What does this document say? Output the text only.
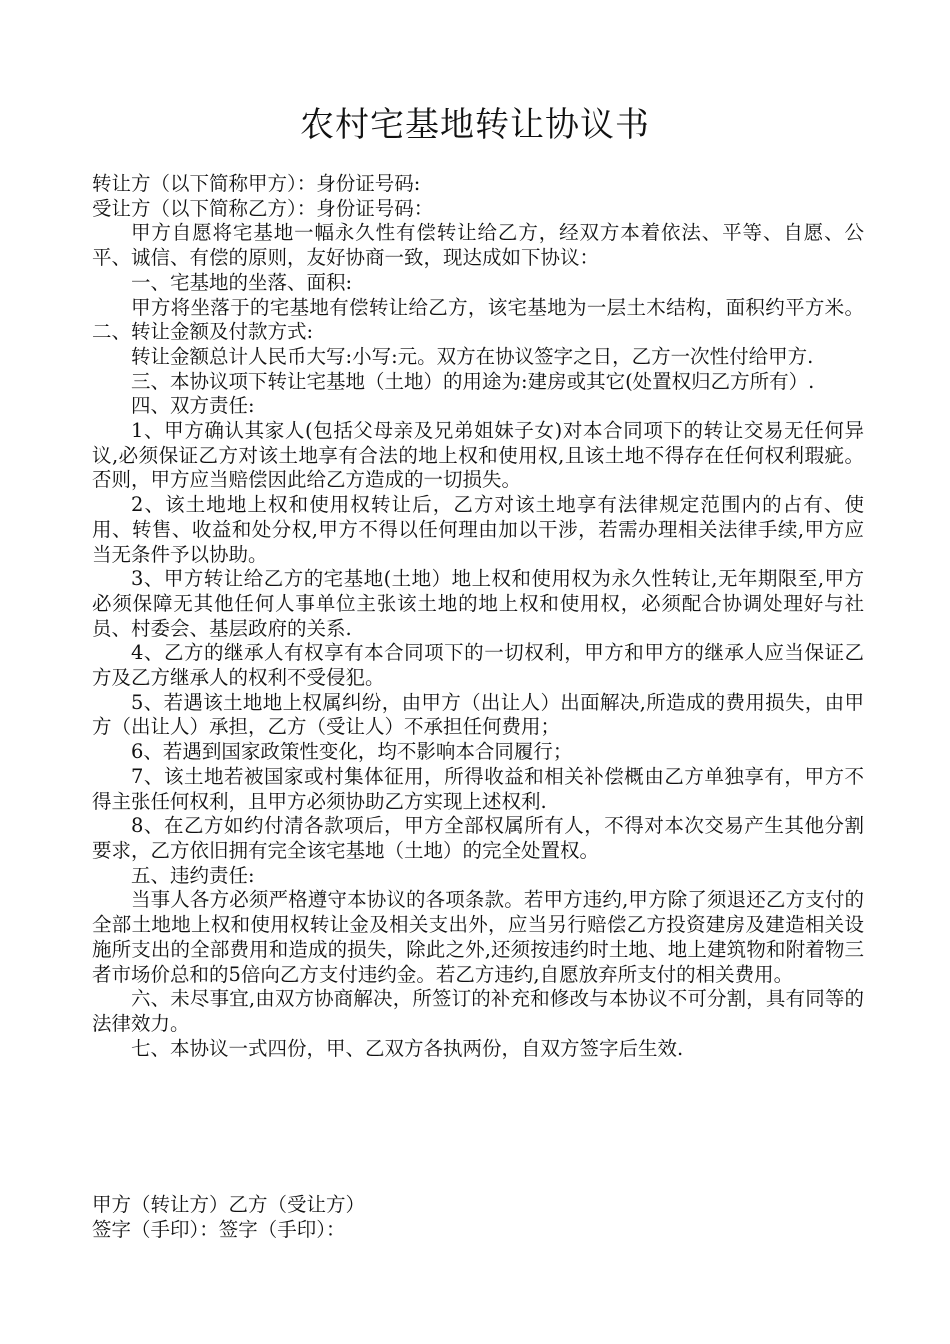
农村宅基地转让协议书

转让方（以下简称甲方）：身份证号码:

受让方（以下简称乙方）：身份证号码：

甲方自愿将宅基地一幅永久性有偿转让给乙方，经双方本着依法、平等、自愿、公平、诚信、有偿的原则，友好协商一致，现达成如下协议：

一、宅基地的坐落、面积:

甲方将坐落于的宅基地有偿转让给乙方，该宅基地为一层土木结构，面积约平方米。二、转让金额及付款方式:

转让金额总计人民币大写:小写:元。双方在协议签字之日，乙方一次性付给甲方.

三、本协议项下转让宅基地（土地）的用途为:建房或其它(处置权归乙方所有）.

四、双方责任:

1、甲方确认其家人(包括父母亲及兄弟姐妹子女)对本合同项下的转让交易无任何异议,必须保证乙方对该土地享有合法的地上权和使用权,且该土地不得存在任何权利瑕疵。否则，甲方应当赔偿因此给乙方造成的一切损失。

2、该土地地上权和使用权转让后，乙方对该土地享有法律规定范围内的占有、使用、转售、收益和处分权,甲方不得以任何理由加以干涉，若需办理相关法律手续,甲方应当无条件予以协助。

3、甲方转让给乙方的宅基地(土地）地上权和使用权为永久性转让,无年期限至,甲方必须保障无其他任何人事单位主张该土地的地上权和使用权，必须配合协调处理好与社员、村委会、基层政府的关系.

4、乙方的继承人有权享有本合同项下的一切权利，甲方和甲方的继承人应当保证乙方及乙方继承人的权利不受侵犯。

5、若遇该土地地上权属纠纷，由甲方（出让人）出面解决,所造成的费用损失，由甲方（出让人）承担，乙方（受让人）不承担任何费用；

6、若遇到国家政策性变化，均不影响本合同履行；

7、该土地若被国家或村集体征用，所得收益和相关补偿概由乙方单独享有，甲方不得主张任何权利，且甲方必须协助乙方实现上述权利.

8、在乙方如约付清各款项后，甲方全部权属所有人，不得对本次交易产生其他分割要求，乙方依旧拥有完全该宅基地（土地）的完全处置权。

五、违约责任:

当事人各方必须严格遵守本协议的各项条款。若甲方违约,甲方除了须退还乙方支付的全部土地地上权和使用权转让金及相关支出外，应当另行赔偿乙方投资建房及建造相关设施所支出的全部费用和造成的损失，除此之外,还须按违约时土地、地上建筑物和附着物三者市场价总和的5倍向乙方支付违约金。若乙方违约,自愿放弃所支付的相关费用。

六、未尽事宜,由双方协商解决，所签订的补充和修改与本协议不可分割，具有同等的法律效力。

七、本协议一式四份，甲、乙双方各执两份，自双方签字后生效.

甲方（转让方）乙方（受让方）

签字（手印）：签字（手印）：
